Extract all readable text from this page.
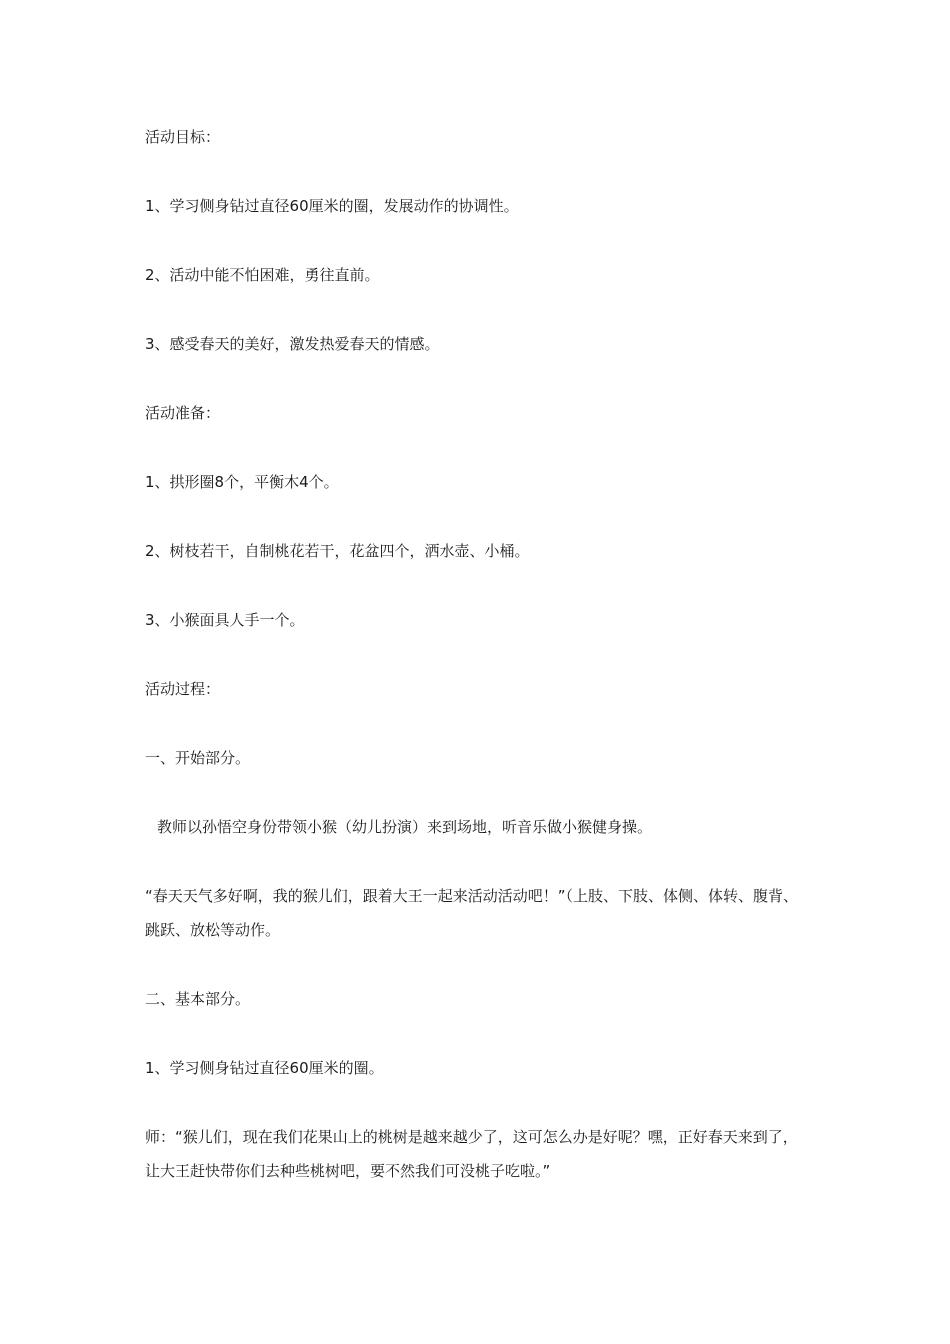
活动目标：

1、学习侧身钻过直径60厘米的圈，发展动作的协调性。

2、活动中能不怕困难，勇往直前。

3、感受春天的美好，激发热爱春天的情感。

活动准备：

1、拱形圈8个，平衡木4个。

2、树枝若干，自制桃花若干，花盆四个，洒水壶、小桶。

3、小猴面具人手一个。

活动过程：

一、开始部分。

教师以孙悟空身份带领小猴（幼儿扮演）来到场地，听音乐做小猴健身操。

“春天天气多好啊，我的猴儿们，跟着大王一起来活动活动吧！”（上肢、下肢、体侧、体转、腹背、跳跃、放松等动作。

二、基本部分。

1、学习侧身钻过直径60厘米的圈。

师：“猴儿们，现在我们花果山上的桃树是越来越少了，这可怎么办是好呢？嘿，正好春天来到了，让大王赶快带你们去种些桃树吧，要不然我们可没桃子吃啦。”
